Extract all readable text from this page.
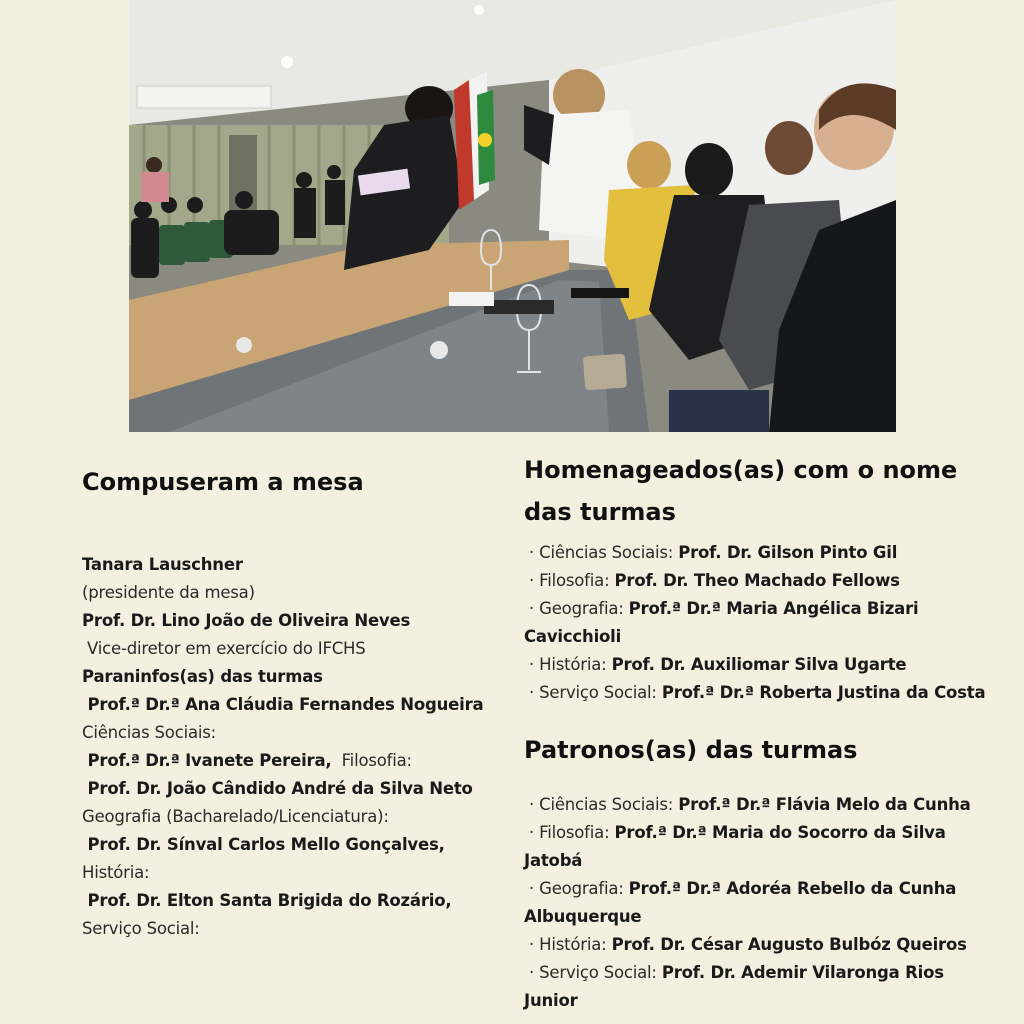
Compuseram a mesa
Tanara Lauschner
(presidente da mesa)
Prof. Dr. Lino João de Oliveira Neves
Vice-diretor em exercício do IFCHS
Paraninfos(as) das turmas
Prof.ª Dr.ª Ana Cláudia Fernandes Nogueira
Ciências Sociais:
Prof.ª Dr.ª Ivanete Pereira,  Filosofia:
Prof. Dr. João Cândido André da Silva Neto
Geografia (Bacharelado/Licenciatura):
Prof. Dr. Sínval Carlos Mello Gonçalves,
História:
Prof. Dr. Elton Santa Brigida do Rozário,
Serviço Social:
Homenageados(as) com o nome
das turmas
· Ciências Sociais: Prof. Dr. Gilson Pinto Gil
· Filosofia: Prof. Dr. Theo Machado Fellows
· Geografia: Prof.ª Dr.ª Maria Angélica Bizari
Cavicchioli
· História: Prof. Dr. Auxiliomar Silva Ugarte
· Serviço Social: Prof.ª Dr.ª Roberta Justina da Costa
Patronos(as) das turmas
· Ciências Sociais: Prof.ª Dr.ª Flávia Melo da Cunha
· Filosofia: Prof.ª Dr.ª Maria do Socorro da Silva
Jatobá
· Geografia: Prof.ª Dr.ª Adoréa Rebello da Cunha
Albuquerque
· História: Prof. Dr. César Augusto Bulbóz Queiros
· Serviço Social: Prof. Dr. Ademir Vilaronga Rios
Junior
